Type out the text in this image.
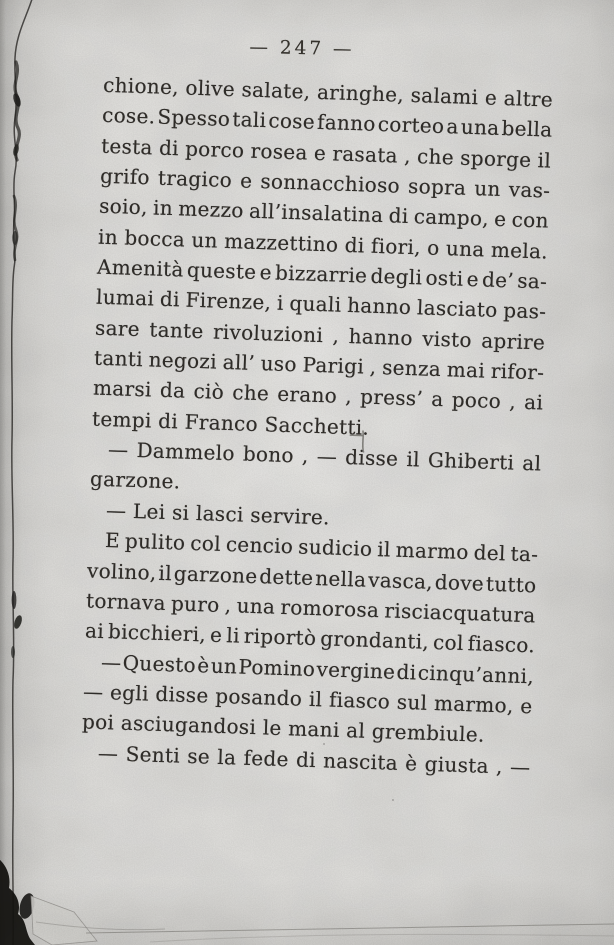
— 247 —
chione, olive salate, aringhe, salami e altre
cose. Spesso tali cose fanno corteo a una bella
testa di porco rosea e rasata , che sporge il
grifo tragico e sonnacchioso sopra un vas-
soio, in mezzo all’insalatina di campo, e con
in bocca un mazzettino di fiori, o una mela.
Amenità queste e bizzarrie degli osti e de’ sa-
lumai di Firenze, i quali hanno lasciato pas-
sare tante rivoluzioni , hanno visto aprire
tanti negozi all’ uso Parigi , senza mai rifor-
marsi da ciò che erano , press’ a poco , ai
tempi di Franco Sacchetti.
— Dammelo bono , — disse il Ghiberti al
garzone.
— Lei si lasci servire.
E pulito col cencio sudicio il marmo del ta-
volino, il garzone dette nella vasca, dove tutto
tornava puro , una romorosa risciacquatura
ai bicchieri, e li riportò grondanti, col fiasco.
— Questo è un Pomino vergine di cinqu’anni,
— egli disse posando il fiasco sul marmo, e
poi asciugandosi le mani al grembiule.
— Senti se la fede di nascita è giusta , —
